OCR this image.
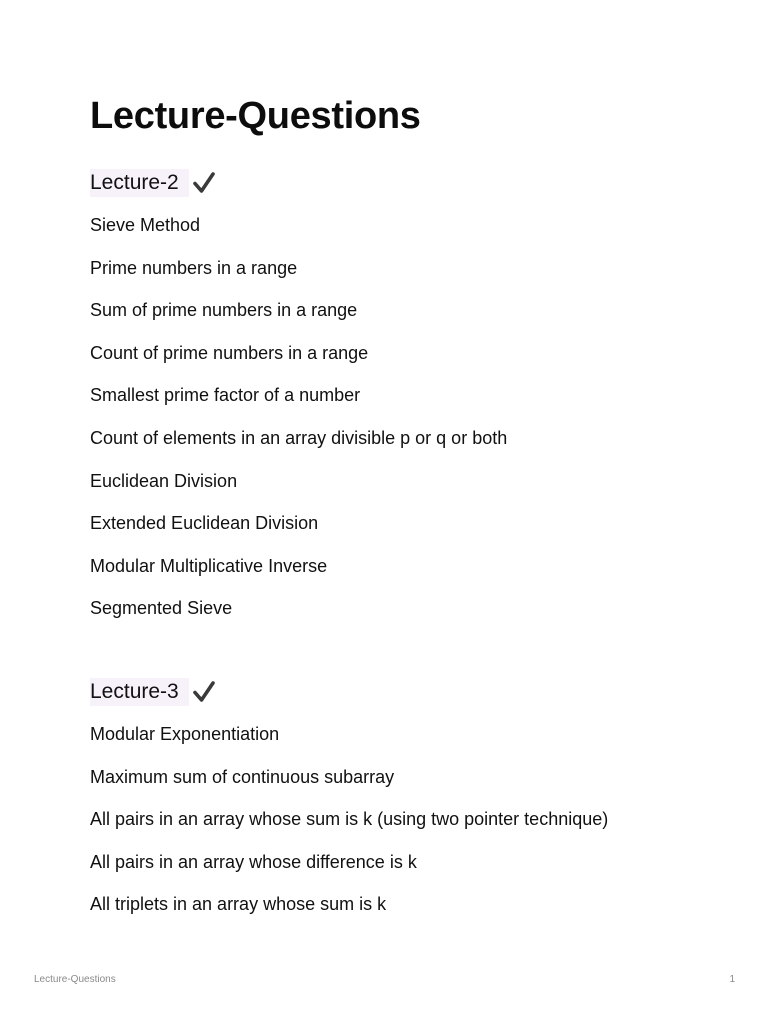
Lecture-Questions
Lecture-2
Sieve Method
Prime numbers in a range
Sum of prime numbers in a range
Count of prime numbers in a range
Smallest prime factor of a number
Count of elements in an array divisible p or q or both
Euclidean Division
Extended Euclidean Division
Modular Multiplicative Inverse
Segmented Sieve
Lecture-3
Modular Exponentiation
Maximum sum of continuous subarray
All pairs in an array whose sum is k (using two pointer technique)
All pairs in an array whose difference is k
All triplets in an array whose sum is k
Lecture-Questions	1
